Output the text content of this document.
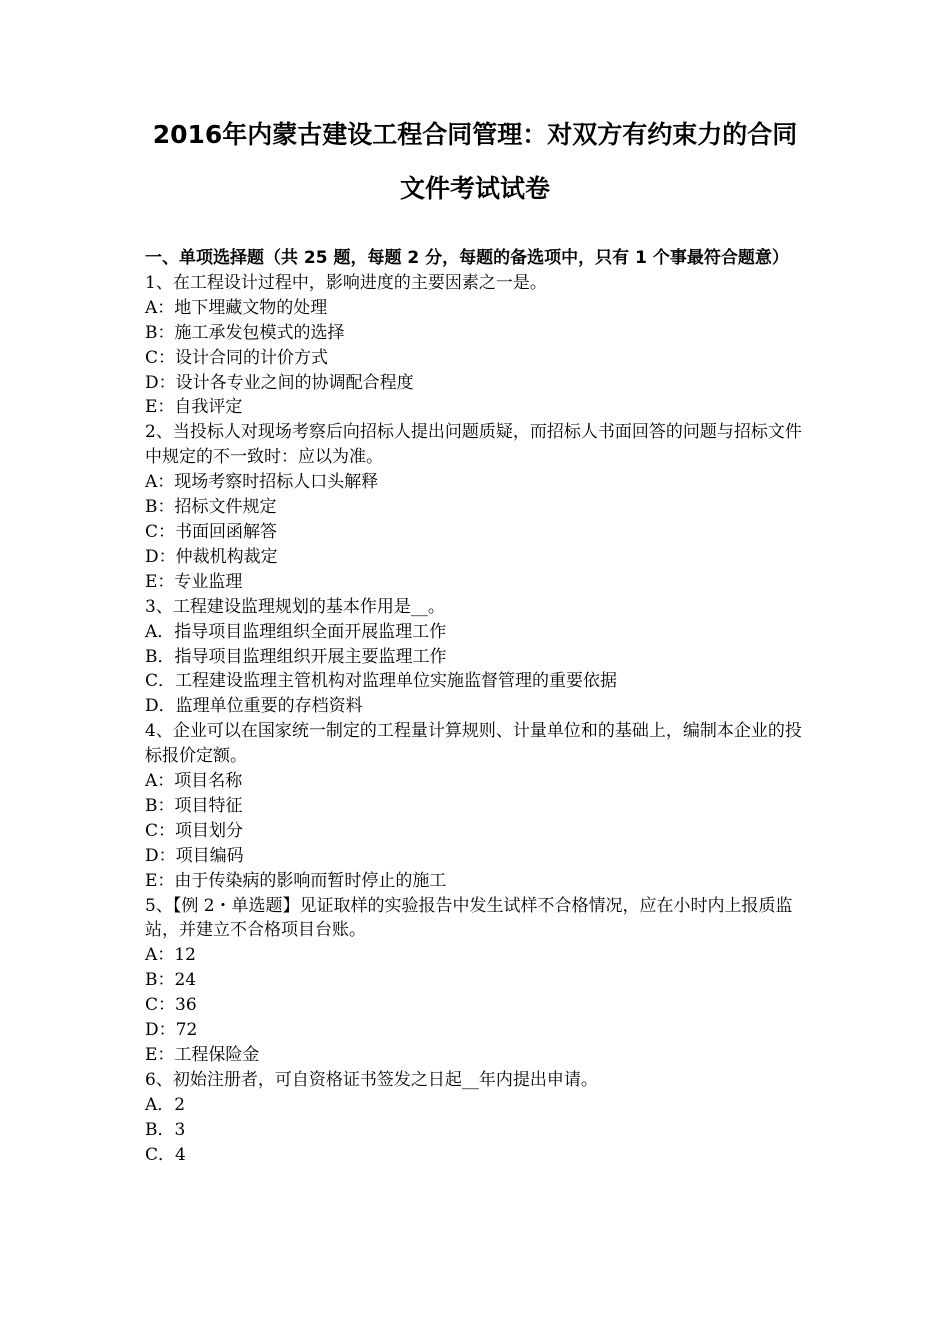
2016年内蒙古建设工程合同管理：对双方有约束力的合同
文件考试试卷
一、单项选择题（共 25 题，每题 2 分，每题的备选项中，只有 1 个事最符合题意）
1、在工程设计过程中，影响进度的主要因素之一是。
A：地下埋藏文物的处理
B：施工承发包模式的选择
C：设计合同的计价方式
D：设计各专业之间的协调配合程度
E：自我评定
2、当投标人对现场考察后向招标人提出问题质疑，而招标人书面回答的问题与招标文件中规定的不一致时：应以为准。
A：现场考察时招标人口头解释
B：招标文件规定
C：书面回函解答
D：仲裁机构裁定
E：专业监理
3、工程建设监理规划的基本作用是__。
A．指导项目监理组织全面开展监理工作
B．指导项目监理组织开展主要监理工作
C．工程建设监理主管机构对监理单位实施监督管理的重要依据
D．监理单位重要的存档资料
4、企业可以在国家统一制定的工程量计算规则、计量单位和的基础上，编制本企业的投标报价定额。
A：项目名称
B：项目特征
C：项目划分
D：项目编码
E：由于传染病的影响而暂时停止的施工
5、【例 2・单选题】见证取样的实验报告中发生试样不合格情况，应在小时内上报质监站，并建立不合格项目台账。
A：12
B：24
C：36
D：72
E：工程保险金
6、初始注册者，可自资格证书签发之日起__年内提出申请。
A．2
B．3
C．4
